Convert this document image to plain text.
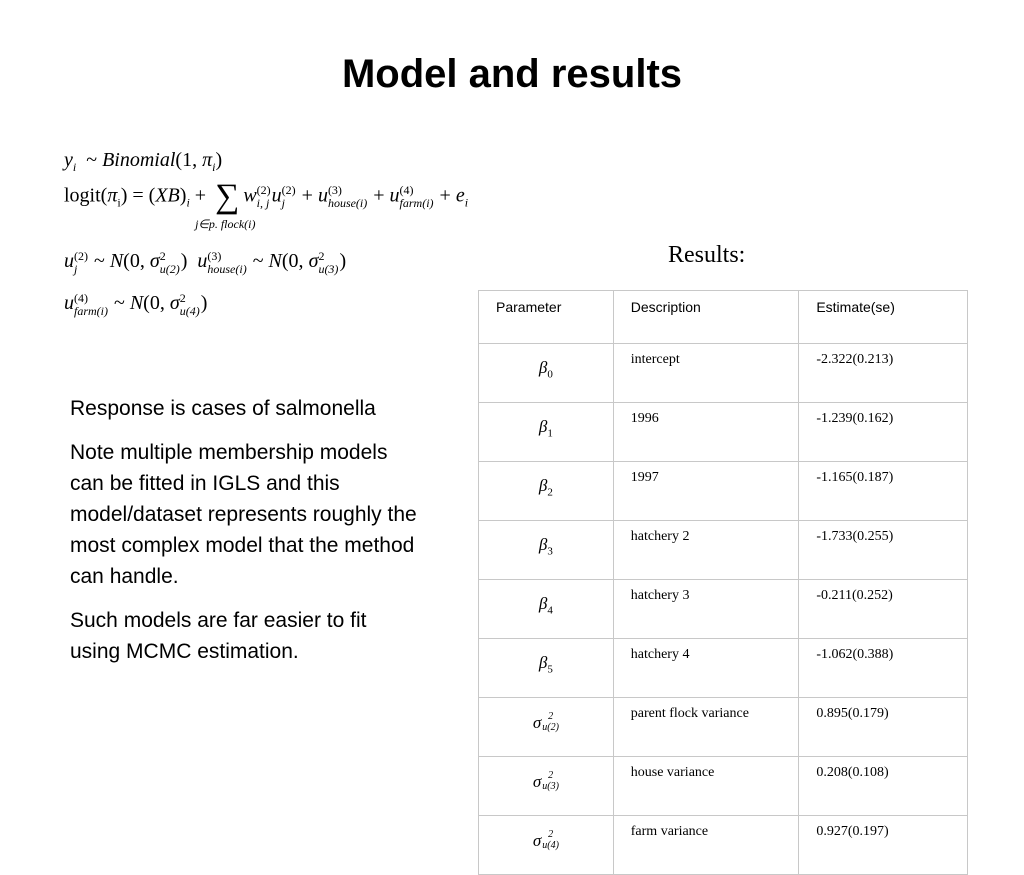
Model and results
$y_i$  ~ Binomial(1, $\pi_i$)
$logit(\pi_i) = (XB)_i$ + ∑
j∈p. flock(i)
w (2)
i, j u (2)
j + u (3)
house(i) + u (4)
farm(i) + $e_i$
u (2)
j ~ N(0, σ 2
u(2) )  u (3)
house(i) ~ N(0, σ 2
u(3) )
u (4)
farm(i) ~ N(0, σ 2
u(4) )
Results:

Response is cases of salmonella

Note multiple membership models can be fitted in IGLS and this model/dataset represents roughly the most complex model that the method can handle.

Such models are far easier to fit using MCMC estimation.

Parameter	Description	Estimate(se)
$\beta_0$	intercept	-2.322(0.213)
$\beta_1$	1996	-1.239(0.162)
$\beta_2$	1997	-1.165(0.187)
$\beta_3$	hatchery 2	-1.733(0.255)
$\beta_4$	hatchery 3	-0.211(0.252)
$\beta_5$	hatchery 4	-1.062(0.388)

σ 2
u(2)	parent flock variance	0.895(0.179)

σ 2
u(3)	house variance	0.208(0.108)

σ 2
u(4)	farm variance	0.927(0.197)
